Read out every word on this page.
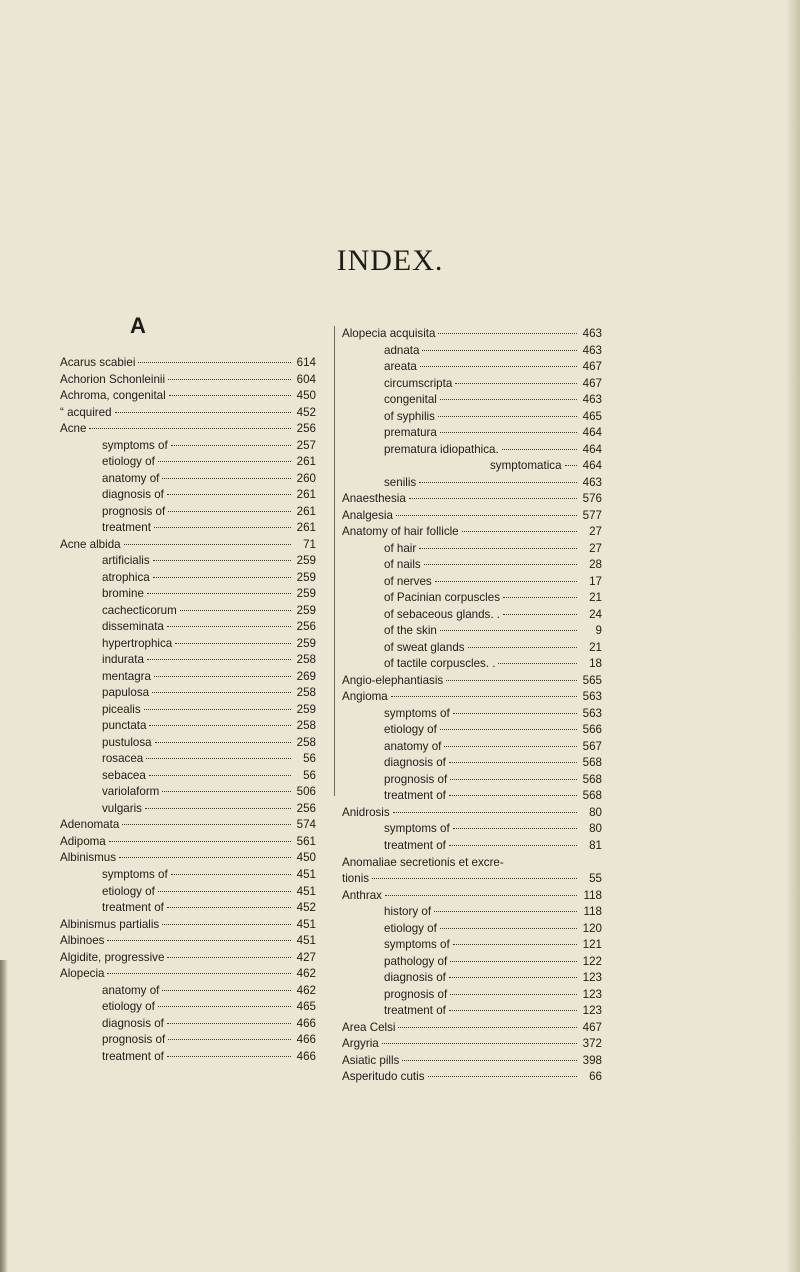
INDEX.
A
Acarus scabiei	614
Achorion Schonleinii	604
Achroma, congenital	450
“ acquired	452
Acne	256
symptoms of	257
etiology of	261
anatomy of	260
diagnosis of	261
prognosis of	261
treatment	261
Acne albida	71
artificialis	259
atrophica	259
bromine	259
cachecticorum	259
disseminata	256
hypertrophica	259
indurata	258
mentagra	269
papulosa	258
picealis	259
punctata	258
pustulosa	258
rosacea	56
sebacea	56
variolaform	506
vulgaris	256
Adenomata	574
Adipoma	561
Albinismus	450
symptoms of	451
etiology of	451
treatment of	452
Albinismus partialis	451
Albinoes	451
Algidite, progressive	427
Alopecia	462
anatomy of	462
etiology of	465
diagnosis of	466
prognosis of	466
treatment of	466
Alopecia acquisita	463
adnata	463
areata	467
circumscripta	467
congenital	463
of syphilis	465
prematura	464
prematura idiopathica.	464
symptomatica 464
senilis	463
Anaesthesia	576
Analgesia	577
Anatomy of hair follicle	27
of hair	27
of nails	28
of nerves	17
of Pacinian corpuscles	21
of sebaceous glands. .	24
of the skin	9
of sweat glands	21
of tactile corpuscles. .	18
Angio-elephantiasis	565
Angioma	563
symptoms of	563
etiology of	566
anatomy of	567
diagnosis of	568
prognosis of	568
treatment of	568
Anidrosis	80
symptoms of	80
treatment of	81
Anomaliae secretionis et excre-
tionis	55
Anthrax	118
history of	118
etiology of	120
symptoms of	121
pathology of	122
diagnosis of	123
prognosis of	123
treatment of	123
Area Celsi	467
Argyria	372
Asiatic pills	398
Asperitudo cutis	66
